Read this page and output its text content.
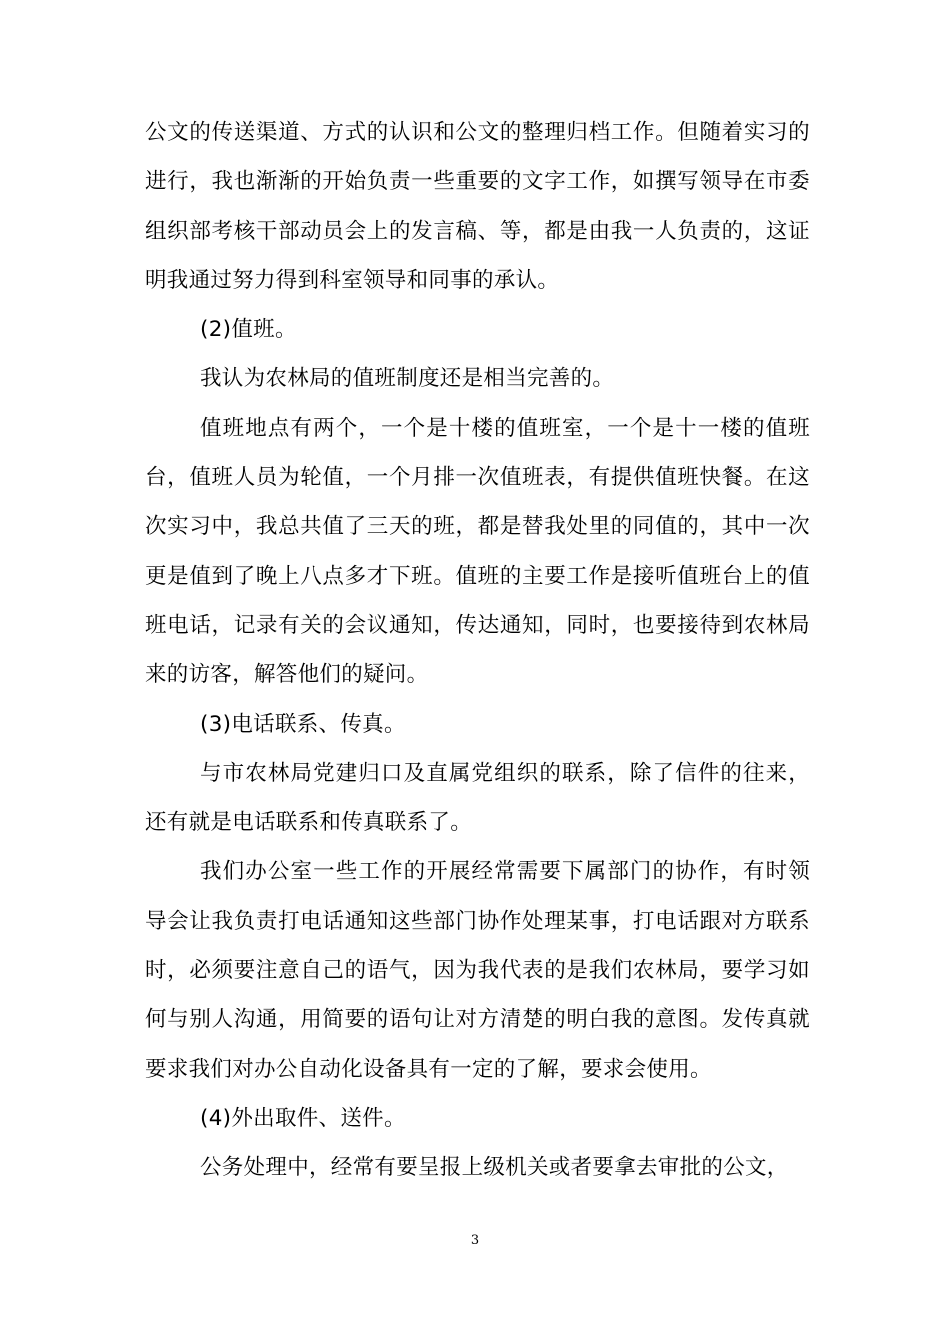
公文的传送渠道、方式的认识和公文的整理归档工作。但随着实习的进行，我也渐渐的开始负责一些重要的文字工作，如撰写领导在市委组织部考核干部动员会上的发言稿、等，都是由我一人负责的，这证明我通过努力得到科室领导和同事的承认。

(2)值班。

我认为农林局的值班制度还是相当完善的。

值班地点有两个，一个是十楼的值班室，一个是十一楼的值班台，值班人员为轮值，一个月排一次值班表，有提供值班快餐。在这次实习中，我总共值了三天的班，都是替我处里的同值的，其中一次更是值到了晚上八点多才下班。值班的主要工作是接听值班台上的值班电话，记录有关的会议通知，传达通知，同时，也要接待到农林局来的访客，解答他们的疑问。

(3)电话联系、传真。

与市农林局党建归口及直属党组织的联系，除了信件的往来，还有就是电话联系和传真联系了。

我们办公室一些工作的开展经常需要下属部门的协作，有时领导会让我负责打电话通知这些部门协作处理某事，打电话跟对方联系时，必须要注意自己的语气，因为我代表的是我们农林局，要学习如何与别人沟通，用简要的语句让对方清楚的明白我的意图。发传真就要求我们对办公自动化设备具有一定的了解，要求会使用。

(4)外出取件、送件。

公务处理中，经常有要呈报上级机关或者要拿去审批的公文，

3
